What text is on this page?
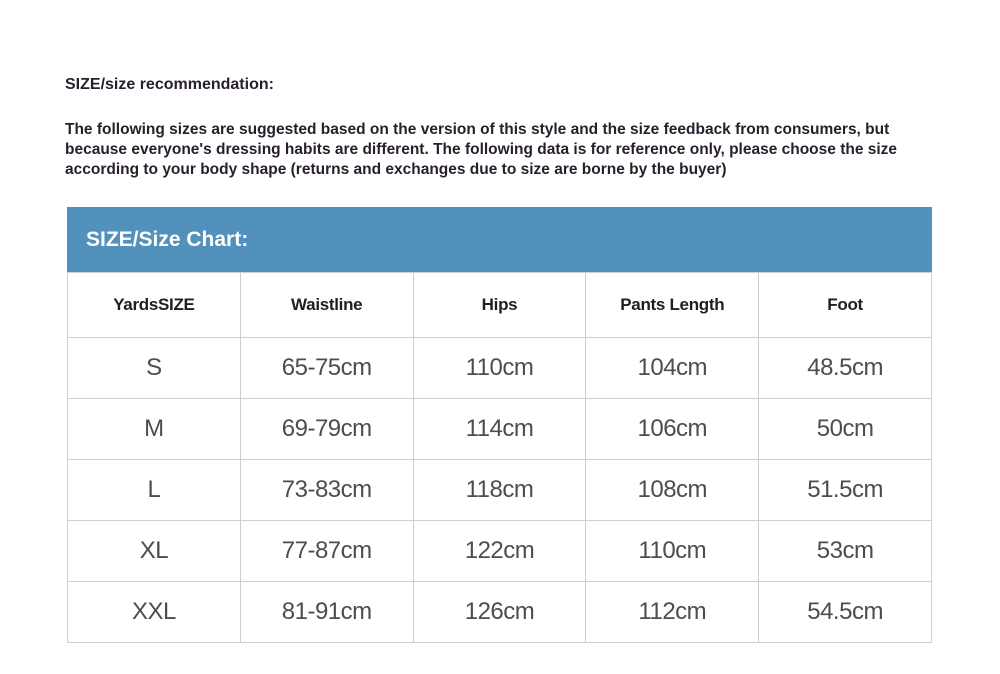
SIZE/size recommendation:
The following sizes are suggested based on the version of this style and the size feedback from consumers, but because everyone's dressing habits are different. The following data is for reference only, please choose the size according to your body shape (returns and exchanges due to size are borne by the buyer)
SIZE/Size Chart:
YardsSIZE	Waistline	Hips	Pants Length	Foot
S	65-75cm	110cm	104cm	48.5cm
M	69-79cm	114cm	106cm	50cm
L	73-83cm	118cm	108cm	51.5cm
XL	77-87cm	122cm	110cm	53cm
XXL	81-91cm	126cm	112cm	54.5cm
